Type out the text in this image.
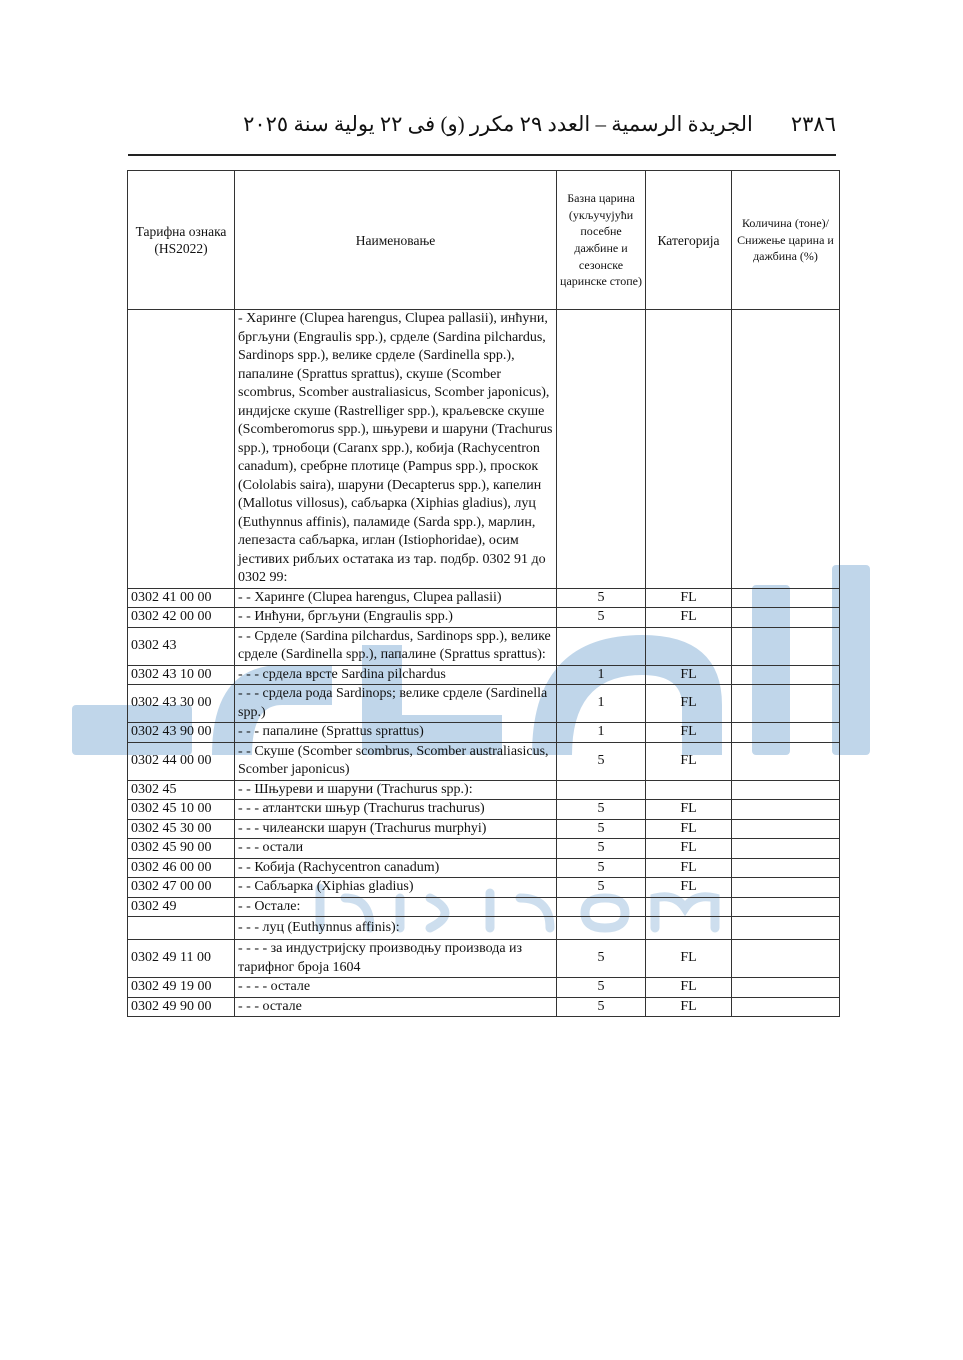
٢٣٨٦
الجريدة الرسمية – العدد ٢٩ مكرر (و) فى ٢٢ يولية سنة ٢٠٢٥
Тарифна ознака (HS2022)	Наименовање	Базна царина (укључујући посебне дажбине и сезонске царинске стопе)	Категорија	Количина (тоне)/ Снижење царина и дажбина (%)
	- Харинге (Clupea harengus, Clupea pallasii), инћуни, бргљуни (Engraulis spp.), срделе (Sardina pilchardus, Sardinops spp.), велике срделе (Sardinella spp.), папалине (Sprattus sprattus), скуше (Scomber scombrus, Scomber australiasicus, Scomber japonicus), индијске скуше (Rastrelliger spp.), краљевске скуше (Scomberomorus spp.), шњуреви и шаруни (Trachurus spp.), трнобоци (Caranx spp.), кобија (Rachycentron canadum), сребрне плотице (Pampus spp.), проскок (Cololabis saira), шаруни (Decapterus spp.), капелин (Mallotus villosus), сабљарка (Xiphias gladius), луц (Euthynnus affinis), паламиде (Sarda spp.), марлин, лепезаста сабљарка, иглан (Istiophoridae), осим јестивих рибљих остатака из тар. подбр. 0302 91 до 0302 99:			
0302 41 00 00	- - Харинге (Clupea harengus, Clupea pallasii)	5	FL	
0302 42 00 00	- - Инћуни, бргљуни (Engraulis spp.)	5	FL	
0302 43	- - Срделе (Sardina pilchardus, Sardinops spp.), велике срделе (Sardinella spp.), папалине (Sprattus sprattus):			
0302 43 10 00	- - - срдела врсте Sardina pilchardus	1	FL	
0302 43 30 00	- - - срдела рода Sardinops; велике срделе (Sardinella spp.)	1	FL	
0302 43 90 00	- - - папалине (Sprattus sprattus)	1	FL	
0302 44 00 00	- - Скуше (Scomber scombrus, Scomber australiasicus, Scomber japonicus)	5	FL	
0302 45	- - Шњуреви и шаруни (Trachurus spp.):			
0302 45 10 00	- - - атлантски шњур (Trachurus trachurus)	5	FL	
0302 45 30 00	- - - чилеански шарун (Trachurus murphyi)	5	FL	
0302 45 90 00	- - - остали	5	FL	
0302 46 00 00	- - Кобија (Rachycentron canadum)	5	FL	
0302 47 00 00	- - Сабљарка (Xiphias gladius)	5	FL	
0302 49	- - Остале:			
	- - - луц (Euthynnus affinis):			
0302 49 11 00	- - - - за индустријску производњу производа из тарифног броја 1604	5	FL	
0302 49 19 00	- - - - остале	5	FL	
0302 49 90 00	- - - остале	5	FL	
